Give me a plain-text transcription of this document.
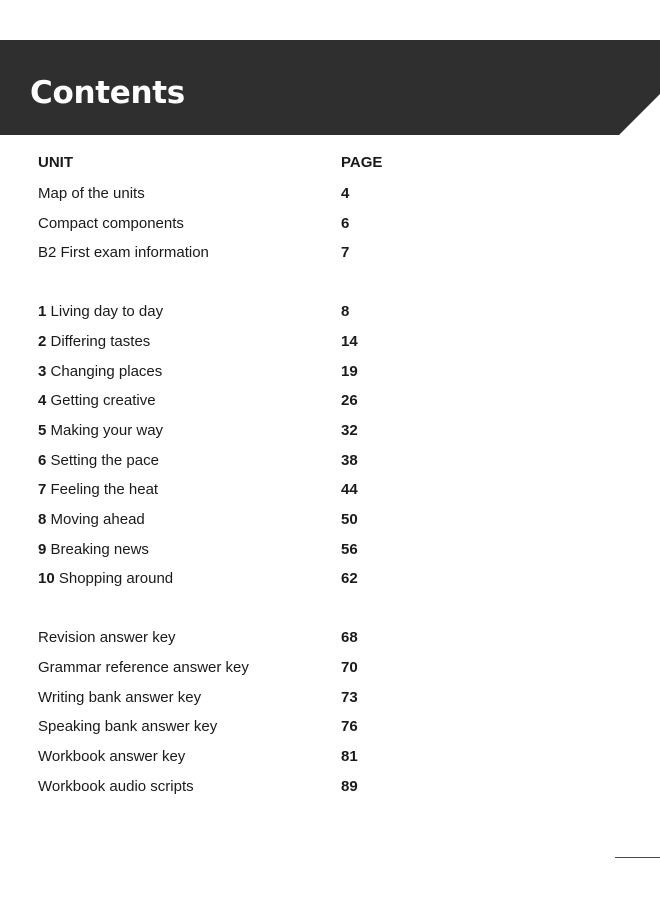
Contents
UNIT	PAGE
Map of the units	4
Compact components	6
B2 First exam information	7
1 Living day to day	8
2 Differing tastes	14
3 Changing places	19
4 Getting creative	26
5 Making your way	32
6 Setting the pace	38
7 Feeling the heat	44
8 Moving ahead	50
9 Breaking news	56
10 Shopping around	62
Revision answer key	68
Grammar reference answer key	70
Writing bank answer key	73
Speaking bank answer key	76
Workbook answer key	81
Workbook audio scripts	89
